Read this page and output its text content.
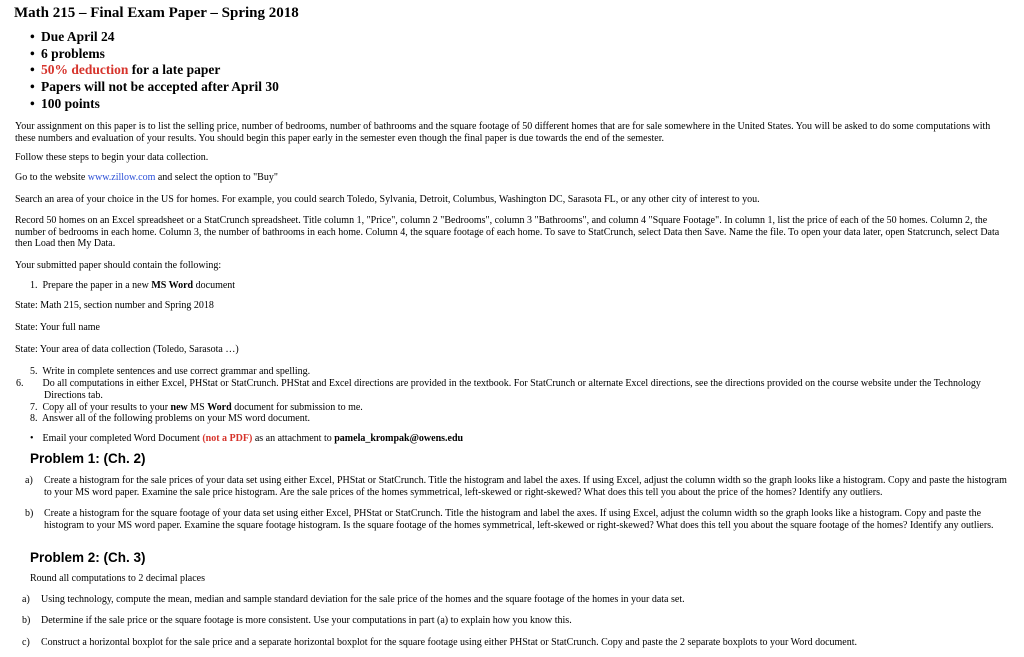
Math 215 – Final Exam Paper – Spring 2018
• Due April 24
• 6 problems
• 50% deduction for a late paper
• Papers will not be accepted after April 30
• 100 points
Your assignment on this paper is to list the selling price, number of bedrooms, number of bathrooms and the square footage of 50 different homes that are for sale somewhere in the United States. You will be asked to do some computations with these numbers and evaluation of your results. You should begin this paper early in the semester even though the final paper is due towards the end of the semester.
Follow these steps to begin your data collection.
Go to the website www.zillow.com and select the option to "Buy"
Search an area of your choice in the US for homes. For example, you could search Toledo, Sylvania, Detroit, Columbus, Washington DC, Sarasota FL, or any other city of interest to you.
Record 50 homes on an Excel spreadsheet or a StatCrunch spreadsheet. Title column 1, "Price", column 2 "Bedrooms", column 3 "Bathrooms", and column 4 "Square Footage". In column 1, list the price of each of the 50 homes. Column 2, the number of bedrooms in each home. Column 3, the number of bathrooms in each home. Column 4, the square footage of each home. To save to StatCrunch, select Data then Save. Name the file. To open your data later, open Statcrunch, select Data then Load then My Data.
Your submitted paper should contain the following:
1. Prepare the paper in a new MS Word document
State: Math 215, section number and Spring 2018
State: Your full name
State: Your area of data collection (Toledo, Sarasota …)
5. Write in complete sentences and use correct grammar and spelling.
6. Do all computations in either Excel, PHStat or StatCrunch. PHStat and Excel directions are provided in the textbook. For StatCrunch or alternate Excel directions, see the directions provided on the course website under the Technology Directions tab.
7. Copy all of your results to your new MS Word document for submission to me.
8. Answer all of the following problems on your MS word document.
• Email your completed Word Document (not a PDF) as an attachment to pamela_krompak@owens.edu
Problem 1: (Ch. 2)
a) Create a histogram for the sale prices of your data set using either Excel, PHStat or StatCrunch. Title the histogram and label the axes. If using Excel, adjust the column width so the graph looks like a histogram. Copy and paste the histogram to your MS word paper. Examine the sale price histogram. Are the sale prices of the homes symmetrical, left-skewed or right-skewed? What does this tell you about the price of the homes? Identify any outliers.
b) Create a histogram for the square footage of your data set using either Excel, PHStat or StatCrunch. Title the histogram and label the axes. If using Excel, adjust the column width so the graph looks like a histogram. Copy and paste the histogram to your MS word paper. Examine the square footage histogram. Is the square footage of the homes symmetrical, left-skewed or right-skewed? What does this tell you about the square footage of the homes? Identify any outliers.
Problem 2: (Ch. 3)
Round all computations to 2 decimal places
a) Using technology, compute the mean, median and sample standard deviation for the sale price of the homes and the square footage of the homes in your data set.
b) Determine if the sale price or the square footage is more consistent. Use your computations in part (a) to explain how you know this.
c) Construct a horizontal boxplot for the sale price and a separate horizontal boxplot for the square footage using either PHStat or StatCrunch. Copy and paste the 2 separate boxplots to your Word document.
